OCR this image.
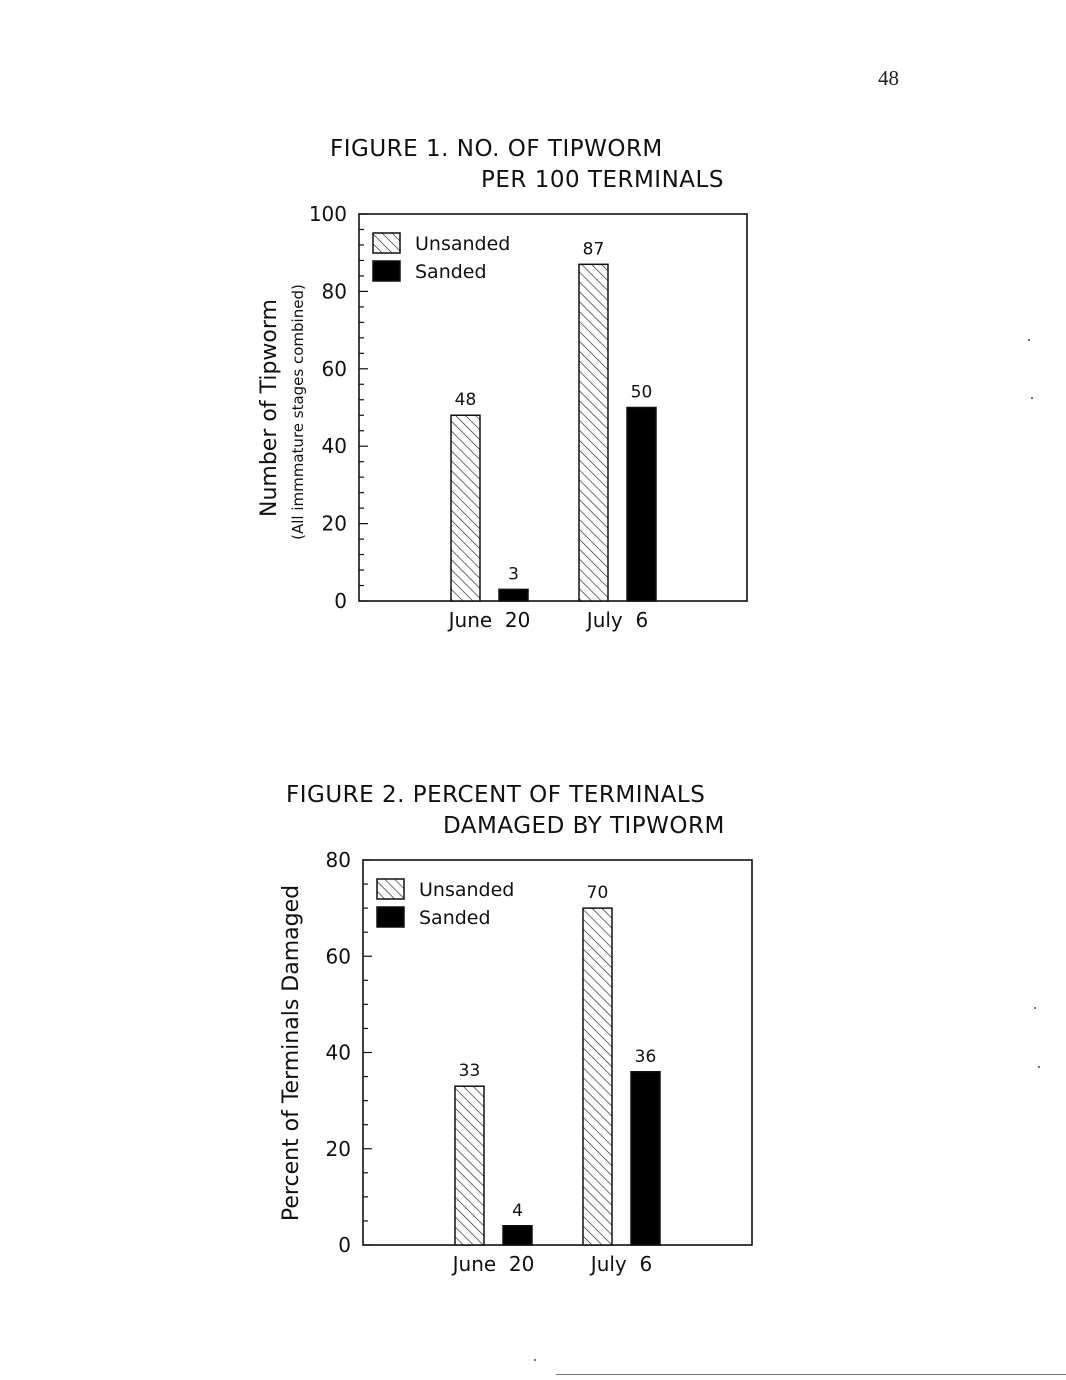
48
FIGURE 1. NO. OF TIPWORM
PER 100 TERMINALS
FIGURE 2. PERCENT OF TERMINALS
DAMAGED BY TIPWORM
0
20
40
60
80
100
48
3
June  20
87
50
July  6
Unsanded
Sanded
Number of Tipworm (All immmature stages combined)
0
20
40
60
80
33
4
June  20
70
36
July  6
Unsanded
Sanded
Percent of Terminals Damaged
